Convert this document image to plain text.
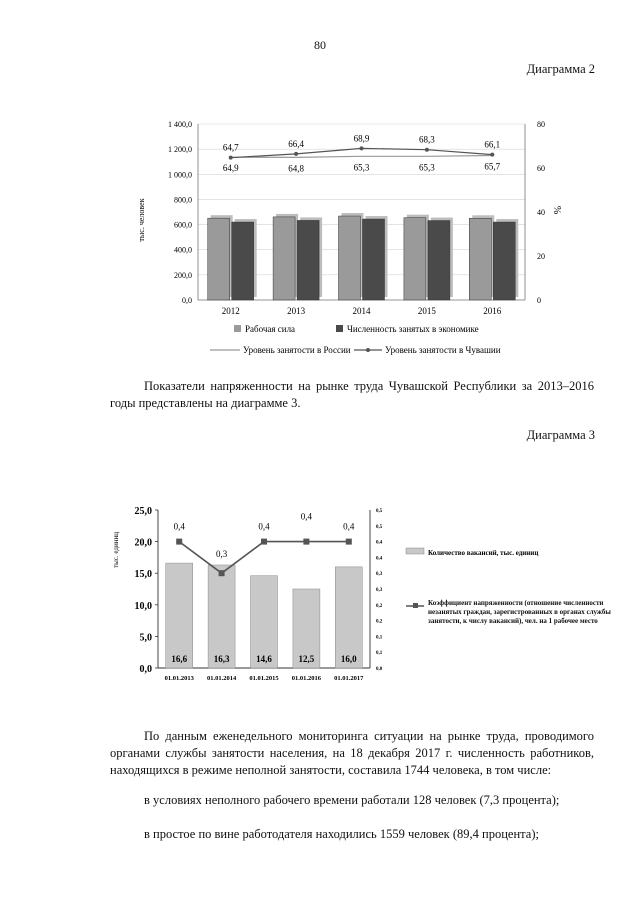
80
Диаграмма 2
0,0
200,0
400,0
600,0
800,0
1 000,0
1 200,0
1 400,0
0
20
40
60
80
2012	2013	2014	2015	2016
64,9	64,8	65,3	65,3	65,7
64,7	66,4
68,9	68,3	66,1
тыс. человек	%
Рабочая сила	Численность занятых в экономике
Уровень занятости в России	Уровень занятости в Чувашии
Показатели напряженности на рынке труда Чувашской Республики за 2013–2016 годы представлены на диаграмме 3.
Диаграмма 3
0,0
5,0
10,0
15,0
20,0
25,0
0,0
0,1
0,1
0,2
0,2
0,3
0,3
0,4
0,4
0,5
0,5
16,6
01.01.2013
16,3
01.01.2014
14,6
01.01.2015
12,5
01.01.2016
16,0
01.01.2017
0,4
0,3
0,4
0,4
0,4
тыс. единиц	Количество вакансий, тыс. единиц
Коэффициент напряженности (отношение численности незанятых граждан, зарегистрованных в органах службы занятости, к числу вакансий), чел. на 1 рабочее место
По данным еженедельного мониторинга ситуации на рынке труда, проводимого органами службы занятости населения, на 18 декабря 2017 г. численность работников, находящихся в режиме неполной занятости, составила 1744 человека, в том числе:
в условиях неполного рабочего времени работали 128 человек (7,3 процента);
в простое по вине работодателя находились 1559 человек (89,4 процента);
